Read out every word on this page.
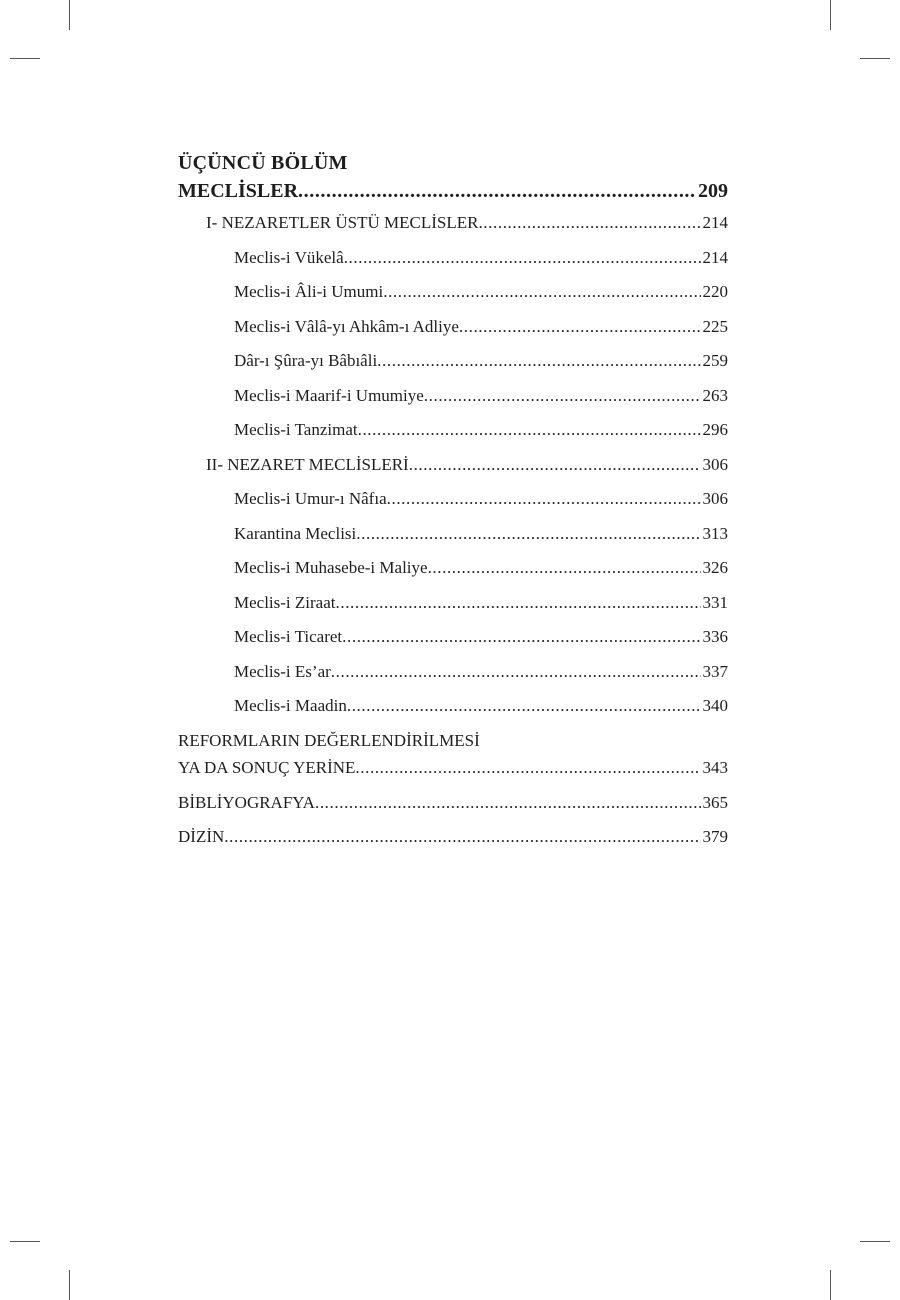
ÜÇÜNCÜ BÖLÜM
MECLİSLER .....	209
I- NEZARETLER ÜSTÜ MECLİSLER .....	214
Meclis-i Vükelâ .....	214
Meclis-i Âli-i Umumi .....	220
Meclis-i Vâlâ-yı Ahkâm-ı Adliye .....	225
Dâr-ı Şûra-yı Bâbıâli .....	259
Meclis-i Maarif-i Umumiye .....	263
Meclis-i Tanzimat .....	296
II- NEZARET MECLİSLERİ .....	306
Meclis-i Umur-ı Nâfıa .....	306
Karantina Meclisi .....	313
Meclis-i Muhasebe-i Maliye .....	326
Meclis-i Ziraat .....	331
Meclis-i Ticaret .....	336
Meclis-i Es’ar .....	337
Meclis-i Maadin .....	340
REFORMLARIN DEĞERLENDİRİLMESİ
YA DA SONUÇ YERİNE .....	343
BİBLİYOGRAFYA .....	365
DİZİN .....	379
